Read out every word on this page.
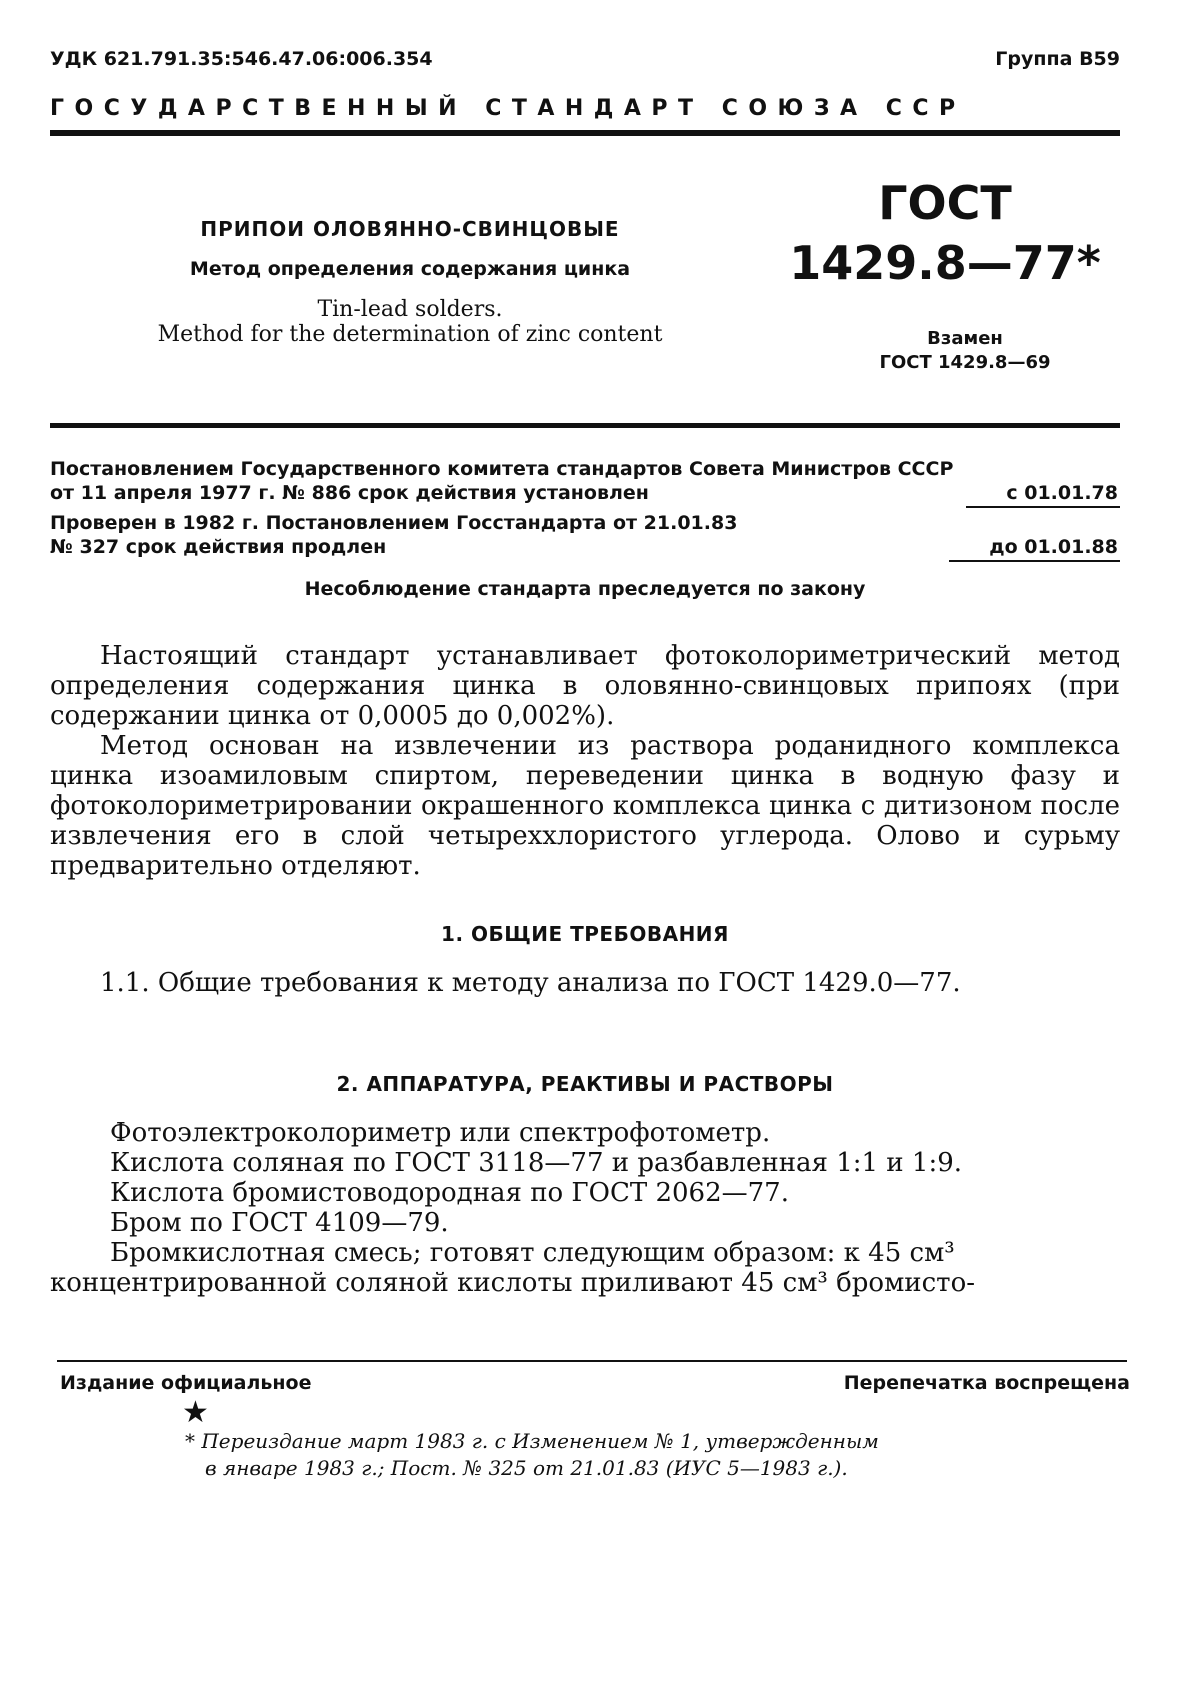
УДК 621.791.35:546.47.06:006.354	Группа В59
ГОСУДАРСТВЕННЫЙ СТАНДАРТ СОЮЗА ССР
ПРИПОИ ОЛОВЯННО-СВИНЦОВЫЕ
Метод определения содержания цинка
Tin-lead solders.
Method for the determination of zinc content
ГОСТ
1429.8—77*
Взамен
ГОСТ 1429.8—69
Постановлением Государственного комитета стандартов Совета Министров СССР
от 11 апреля 1977 г. № 886 срок действия установлен	с 01.01.78
Проверен в 1982 г. Постановлением Госстандарта от 21.01.83
№ 327 срок действия продлен	до 01.01.88
Несоблюдение стандарта преследуется по закону
Настоящий стандарт устанавливает фотоколориметрический метод определения содержания цинка в оловянно-свинцовых припоях (при содержании цинка от 0,0005 до 0,002%).
Метод основан на извлечении из раствора роданидного комплекса цинка изоамиловым спиртом, переведении цинка в водную фазу и фотоколориметрировании окрашенного комплекса цинка с дитизоном после извлечения его в слой четыреххлористого углерода. Олово и сурьму предварительно отделяют.
1. ОБЩИЕ ТРЕБОВАНИЯ
1.1. Общие требования к методу анализа по ГОСТ 1429.0—77.
2. АППАРАТУРА, РЕАКТИВЫ И РАСТВОРЫ
Фотоэлектроколориметр или спектрофотометр.
Кислота соляная по ГОСТ 3118—77 и разбавленная 1:1 и 1:9.
Кислота бромистоводородная по ГОСТ 2062—77.
Бром по ГОСТ 4109—79.
Бромкислотная смесь; готовят следующим образом: к 45 см³
концентрированной соляной кислоты приливают 45 см³ бромисто-
Издание официальное	Перепечатка воспрещена
★
* Переиздание март 1983 г. с Изменением № 1, утвержденным
в январе 1983 г.; Пост. № 325 от 21.01.83 (ИУС 5—1983 г.).
